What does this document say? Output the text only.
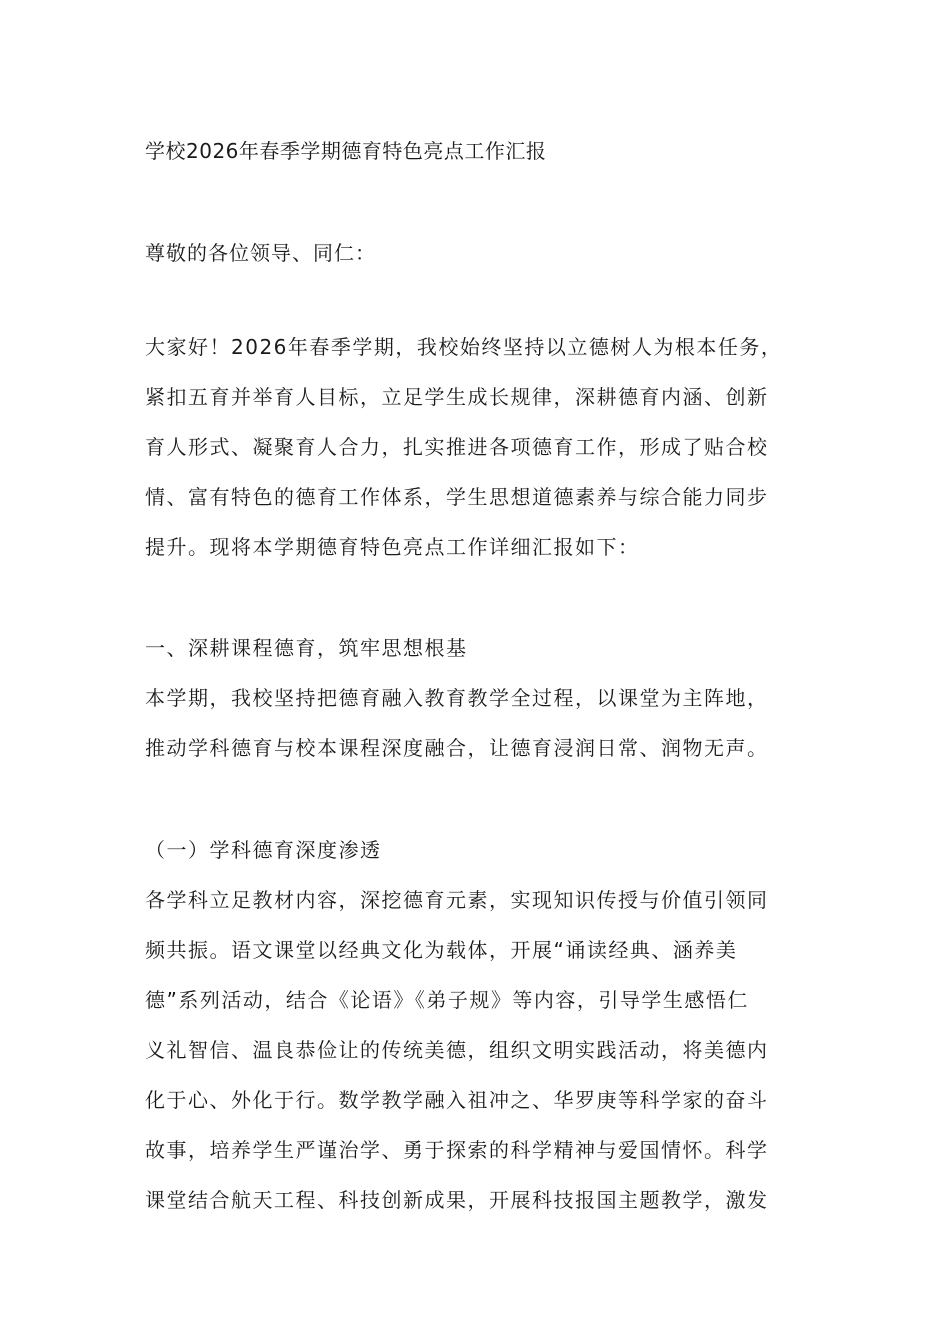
学校2026年春季学期德育特色亮点工作汇报
尊敬的各位领导、同仁：
大家好！2026年春季学期，我校始终坚持以立德树人为根本任务，
紧扣五育并举育人目标，立足学生成长规律，深耕德育内涵、创新
育人形式、凝聚育人合力，扎实推进各项德育工作，形成了贴合校
情、富有特色的德育工作体系，学生思想道德素养与综合能力同步
提升。现将本学期德育特色亮点工作详细汇报如下：
一、深耕课程德育，筑牢思想根基
本学期，我校坚持把德育融入教育教学全过程，以课堂为主阵地，
推动学科德育与校本课程深度融合，让德育浸润日常、润物无声。
（一）学科德育深度渗透
各学科立足教材内容，深挖德育元素，实现知识传授与价值引领同
频共振。语文课堂以经典文化为载体，开展“诵读经典、涵养美
德”系列活动，结合《论语》《弟子规》等内容，引导学生感悟仁
义礼智信、温良恭俭让的传统美德，组织文明实践活动，将美德内
化于心、外化于行。数学教学融入祖冲之、华罗庚等科学家的奋斗
故事，培养学生严谨治学、勇于探索的科学精神与爱国情怀。科学
课堂结合航天工程、科技创新成果，开展科技报国主题教学，激发
